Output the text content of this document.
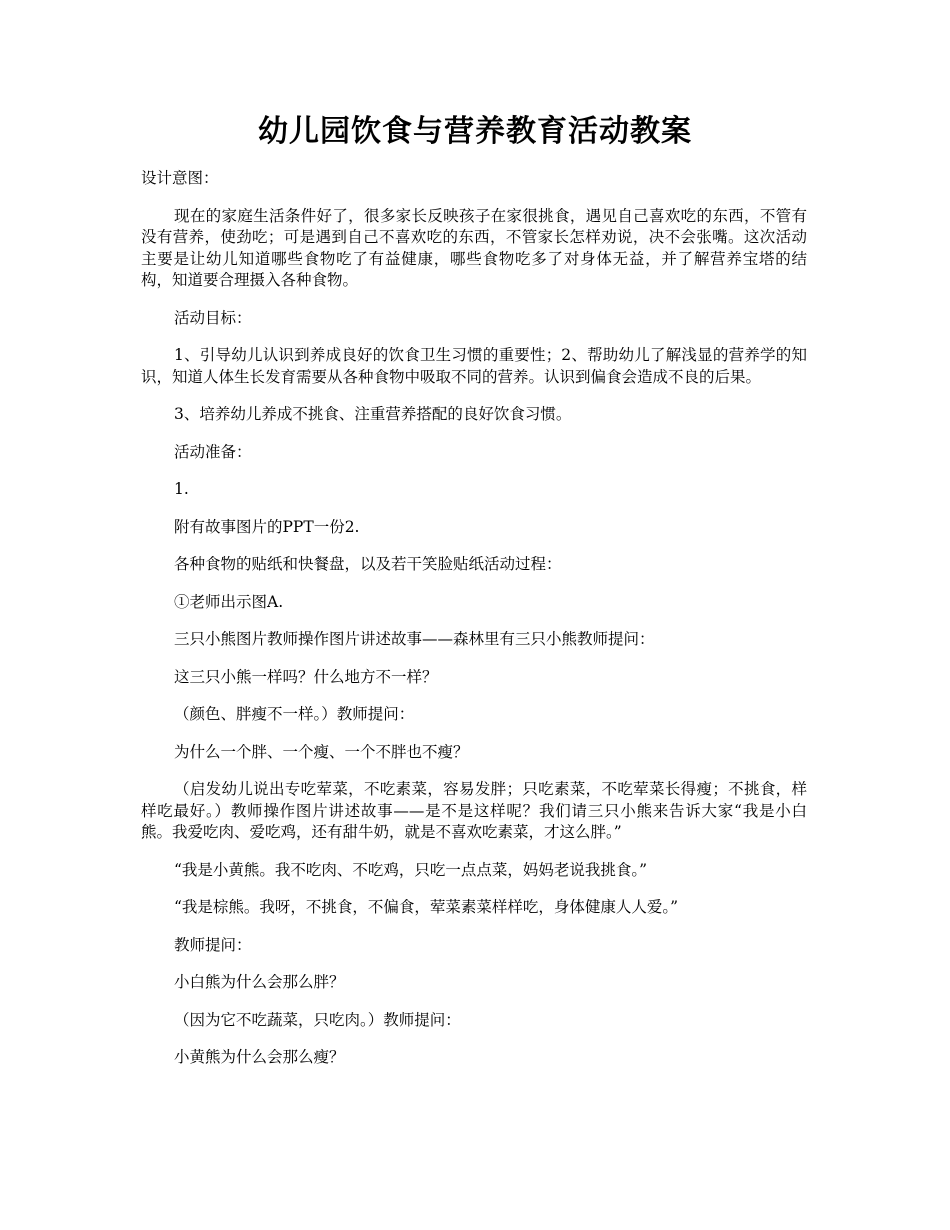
幼儿园饮食与营养教育活动教案

设计意图：

现在的家庭生活条件好了，很多家长反映孩子在家很挑食，遇见自己喜欢吃的东西，不管有没有营养，使劲吃；可是遇到自己不喜欢吃的东西，不管家长怎样劝说，决不会张嘴。这次活动主要是让幼儿知道哪些食物吃了有益健康，哪些食物吃多了对身体无益，并了解营养宝塔的结构，知道要合理摄入各种食物。

活动目标：

1、引导幼儿认识到养成良好的饮食卫生习惯的重要性；2、帮助幼儿了解浅显的营养学的知识，知道人体生长发育需要从各种食物中吸取不同的营养。认识到偏食会造成不良的后果。

3、培养幼儿养成不挑食、注重营养搭配的良好饮食习惯。

活动准备：

1.

附有故事图片的PPT一份2.

各种食物的贴纸和快餐盘，以及若干笑脸贴纸活动过程：

①老师出示图A.

三只小熊图片教师操作图片讲述故事——森林里有三只小熊教师提问：

这三只小熊一样吗？什么地方不一样？

（颜色、胖瘦不一样。）教师提问：

为什么一个胖、一个瘦、一个不胖也不瘦？

（启发幼儿说出专吃荤菜，不吃素菜，容易发胖；只吃素菜，不吃荤菜长得瘦；不挑食，样样吃最好。）教师操作图片讲述故事——是不是这样呢？我们请三只小熊来告诉大家“我是小白熊。我爱吃肉、爱吃鸡，还有甜牛奶，就是不喜欢吃素菜，才这么胖。”

“我是小黄熊。我不吃肉、不吃鸡，只吃一点点菜，妈妈老说我挑食。”

“我是棕熊。我呀，不挑食，不偏食，荤菜素菜样样吃，身体健康人人爱。”

教师提问：

小白熊为什么会那么胖？

（因为它不吃蔬菜，只吃肉。）教师提问：

小黄熊为什么会那么瘦？
